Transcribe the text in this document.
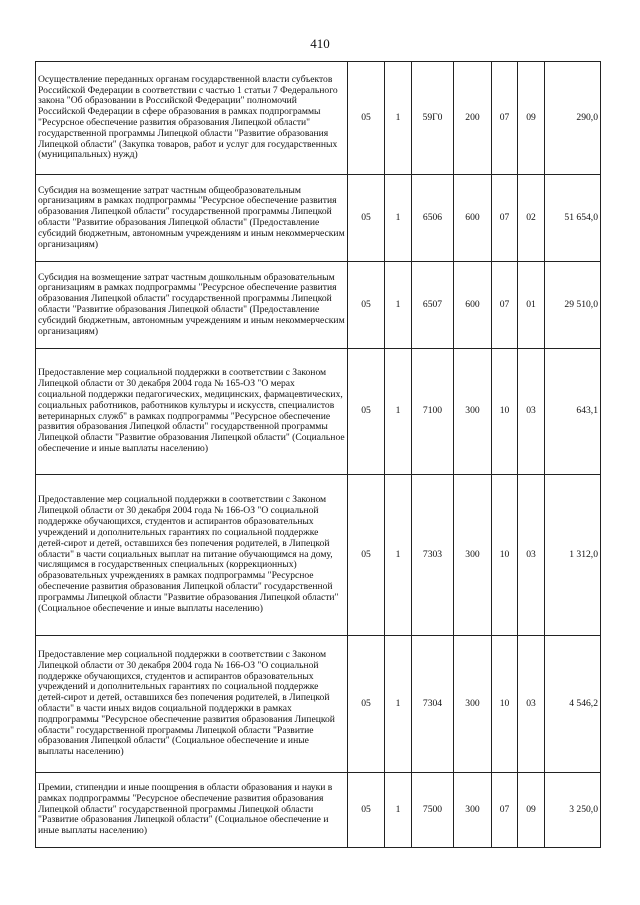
410
Осуществление переданных органам государственной власти субъектов Российской Федерации в соответствии с частью 1 статьи 7 Федерального закона "Об образовании в Российской Федерации" полномочий Российской Федерации в сфере образования в рамках подпрограммы "Ресурсное обеспечение развития образования Липецкой области" государственной программы Липецкой области "Развитие образования Липецкой области" (Закупка товаров, работ и услуг для государственных (муниципальных) нужд)	05	1	59Г0	200	07	09	290,0
Субсидия на возмещение затрат частным общеобразовательным организациям в рамках подпрограммы "Ресурсное обеспечение развития образования Липецкой области" государственной программы Липецкой области "Развитие образования Липецкой области" (Предоставление субсидий бюджетным, автономным учреждениям и иным некоммерческим организациям)	05	1	6506	600	07	02	51 654,0
Субсидия на возмещение затрат частным дошкольным образовательным организациям в рамках подпрограммы "Ресурсное обеспечение развития образования Липецкой области" государственной программы Липецкой области "Развитие образования Липецкой области" (Предоставление субсидий бюджетным, автономным учреждениям и иным некоммерческим организациям)	05	1	6507	600	07	01	29 510,0
Предоставление мер социальной поддержки в соответствии с Законом Липецкой области от 30 декабря 2004 года № 165-ОЗ "О мерах социальной поддержки педагогических, медицинских, фармацевтических, социальных работников, работников культуры и искусств, специалистов ветеринарных служб" в рамках подпрограммы "Ресурсное обеспечение развития образования Липецкой области" государственной программы Липецкой области "Развитие образования Липецкой области" (Социальное обеспечение и иные выплаты населению)	05	1	7100	300	10	03	643,1
Предоставление мер социальной поддержки в соответствии с Законом Липецкой области от 30 декабря 2004 года № 166-ОЗ "О социальной поддержке обучающихся, студентов и аспирантов образовательных учреждений и дополнительных гарантиях по социальной поддержке детей-сирот и детей, оставшихся без попечения родителей, в Липецкой области" в части социальных выплат на питание обучающимся на дому, числящимся в государственных специальных (коррекционных) образовательных учреждениях в рамках подпрограммы "Ресурсное обеспечение развития образования Липецкой области" государственной программы Липецкой области "Развитие образования Липецкой области" (Социальное обеспечение и иные выплаты населению)	05	1	7303	300	10	03	1 312,0
Предоставление мер социальной поддержки в соответствии с Законом Липецкой области от 30 декабря 2004 года № 166-ОЗ "О социальной поддержке обучающихся, студентов и аспирантов образовательных учреждений и дополнительных гарантиях по социальной поддержке детей-сирот и детей, оставшихся без попечения родителей, в Липецкой области" в части иных видов социальной поддержки в рамках подпрограммы "Ресурсное обеспечение развития образования Липецкой области" государственной программы Липецкой области "Развитие образования Липецкой области" (Социальное обеспечение и иные выплаты населению)	05	1	7304	300	10	03	4 546,2
Премии, стипендии и иные поощрения в области образования и науки в рамках подпрограммы "Ресурсное обеспечение развития образования Липецкой области" государственной программы Липецкой области "Развитие образования Липецкой области" (Социальное обеспечение и иные выплаты населению)	05	1	7500	300	07	09	3 250,0
